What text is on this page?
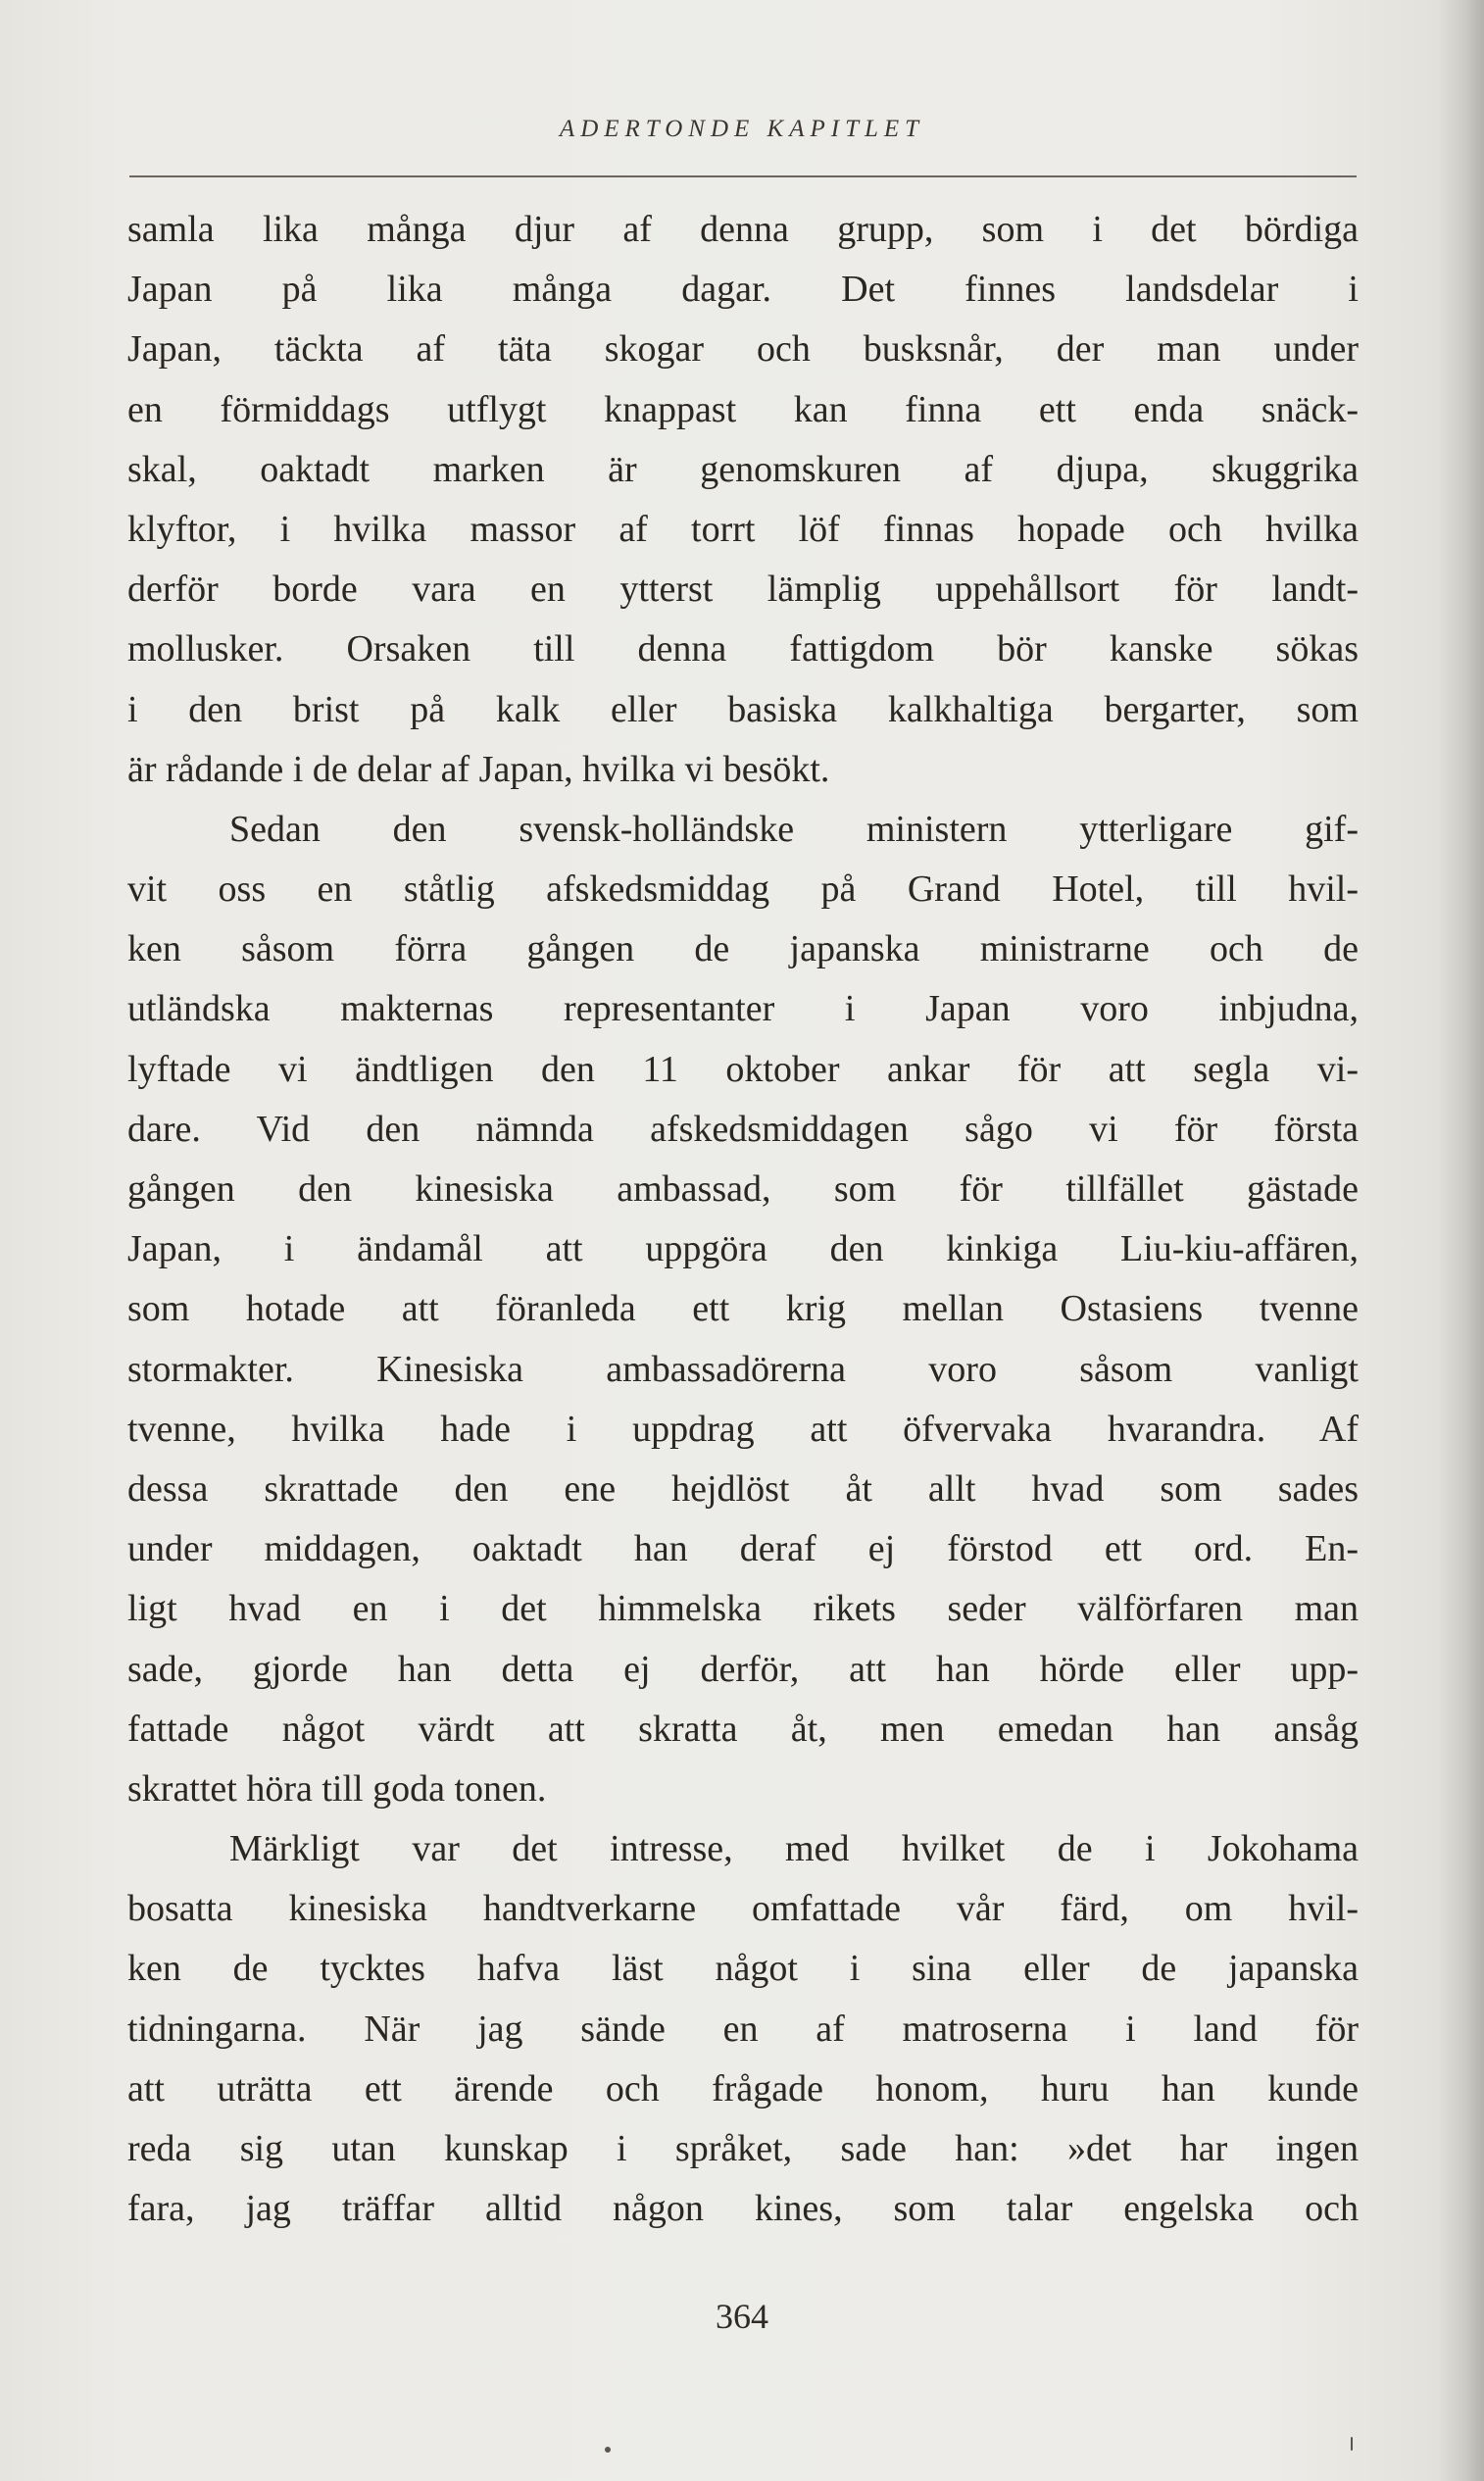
ADERTONDE KAPITLET
samla lika många djur af denna grupp, som i det bördiga
Japan på lika många dagar. Det finnes landsdelar i
Japan, täckta af täta skogar och busksnår, der man under
en förmiddags utflygt knappast kan finna ett enda snäck-
skal, oaktadt marken är genomskuren af djupa, skuggrika
klyftor, i hvilka massor af torrt löf finnas hopade och hvilka
derför borde vara en ytterst lämplig uppehållsort för landt-
mollusker. Orsaken till denna fattigdom bör kanske sökas
i den brist på kalk eller basiska kalkhaltiga bergarter, som
är rådande i de delar af Japan, hvilka vi besökt.
Sedan den svensk-holländske ministern ytterligare gif-
vit oss en ståtlig afskedsmiddag på Grand Hotel, till hvil-
ken såsom förra gången de japanska ministrarne och de
utländska makternas representanter i Japan voro inbjudna,
lyftade vi ändtligen den 11 oktober ankar för att segla vi-
dare. Vid den nämnda afskedsmiddagen sågo vi för första
gången den kinesiska ambassad, som för tillfället gästade
Japan, i ändamål att uppgöra den kinkiga Liu-kiu-affären,
som hotade att föranleda ett krig mellan Ostasiens tvenne
stormakter. Kinesiska ambassadörerna voro såsom vanligt
tvenne, hvilka hade i uppdrag att öfvervaka hvarandra. Af
dessa skrattade den ene hejdlöst åt allt hvad som sades
under middagen, oaktadt han deraf ej förstod ett ord. En-
ligt hvad en i det himmelska rikets seder välförfaren man
sade, gjorde han detta ej derför, att han hörde eller upp-
fattade något värdt att skratta åt, men emedan han ansåg
skrattet höra till goda tonen.
Märkligt var det intresse, med hvilket de i Jokohama
bosatta kinesiska handtverkarne omfattade vår färd, om hvil-
ken de tycktes hafva läst något i sina eller de japanska
tidningarna. När jag sände en af matroserna i land för
att uträtta ett ärende och frågade honom, huru han kunde
reda sig utan kunskap i språket, sade han: »det har ingen
fara, jag träffar alltid någon kines, som talar engelska och
364
